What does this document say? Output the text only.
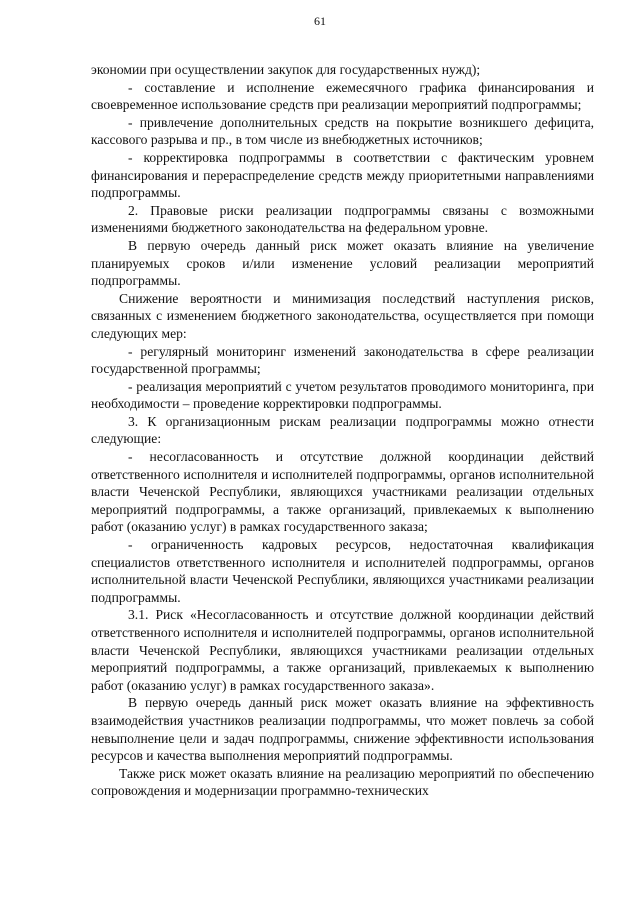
61

экономии при осуществлении закупок для государственных нужд);

- составление и исполнение ежемесячного графика финансирования и своевременное использование средств при реализации мероприятий подпрограммы;

- привлечение дополнительных средств на покрытие возникшего дефицита, кассового разрыва и пр., в том числе из внебюджетных источников;

- корректировка подпрограммы в соответствии с фактическим уровнем финансирования и перераспределение средств между приоритетными направлениями подпрограммы.

2. Правовые риски реализации подпрограммы связаны с возможными изменениями бюджетного законодательства на федеральном уровне.

В первую очередь данный риск может оказать влияние на увеличение планируемых сроков и/или изменение условий реализации мероприятий подпрограммы.

Снижение вероятности и минимизация последствий наступления рисков, связанных с изменением бюджетного законодательства, осуществляется при помощи следующих мер:

- регулярный мониторинг изменений законодательства в сфере реализации государственной программы;

- реализация мероприятий с учетом результатов проводимого мониторинга, при необходимости – проведение корректировки подпрограммы.

3. К организационным рискам реализации подпрограммы можно отнести следующие:

- несогласованность и отсутствие должной координации действий ответственного исполнителя и исполнителей подпрограммы, органов исполнительной власти Чеченской Республики, являющихся участниками реализации отдельных мероприятий подпрограммы, а также организаций, привлекаемых к выполнению работ (оказанию услуг) в рамках государственного заказа;

- ограниченность кадровых ресурсов, недостаточная квалификация специалистов ответственного исполнителя и исполнителей подпрограммы, органов исполнительной власти Чеченской Республики, являющихся участниками реализации подпрограммы.

3.1. Риск «Несогласованность и отсутствие должной координации действий ответственного исполнителя и исполнителей подпрограммы, органов исполнительной власти Чеченской Республики, являющихся участниками реализации отдельных мероприятий подпрограммы, а также организаций, привлекаемых к выполнению работ (оказанию услуг) в рамках государственного заказа».

В первую очередь данный риск может оказать влияние на эффективность взаимодействия участников реализации подпрограммы, что может повлечь за собой невыполнение цели и задач подпрограммы, снижение эффективности использования ресурсов и качества выполнения мероприятий подпрограммы.

Также риск может оказать влияние на реализацию мероприятий по обеспечению сопровождения и модернизации программно-технических
